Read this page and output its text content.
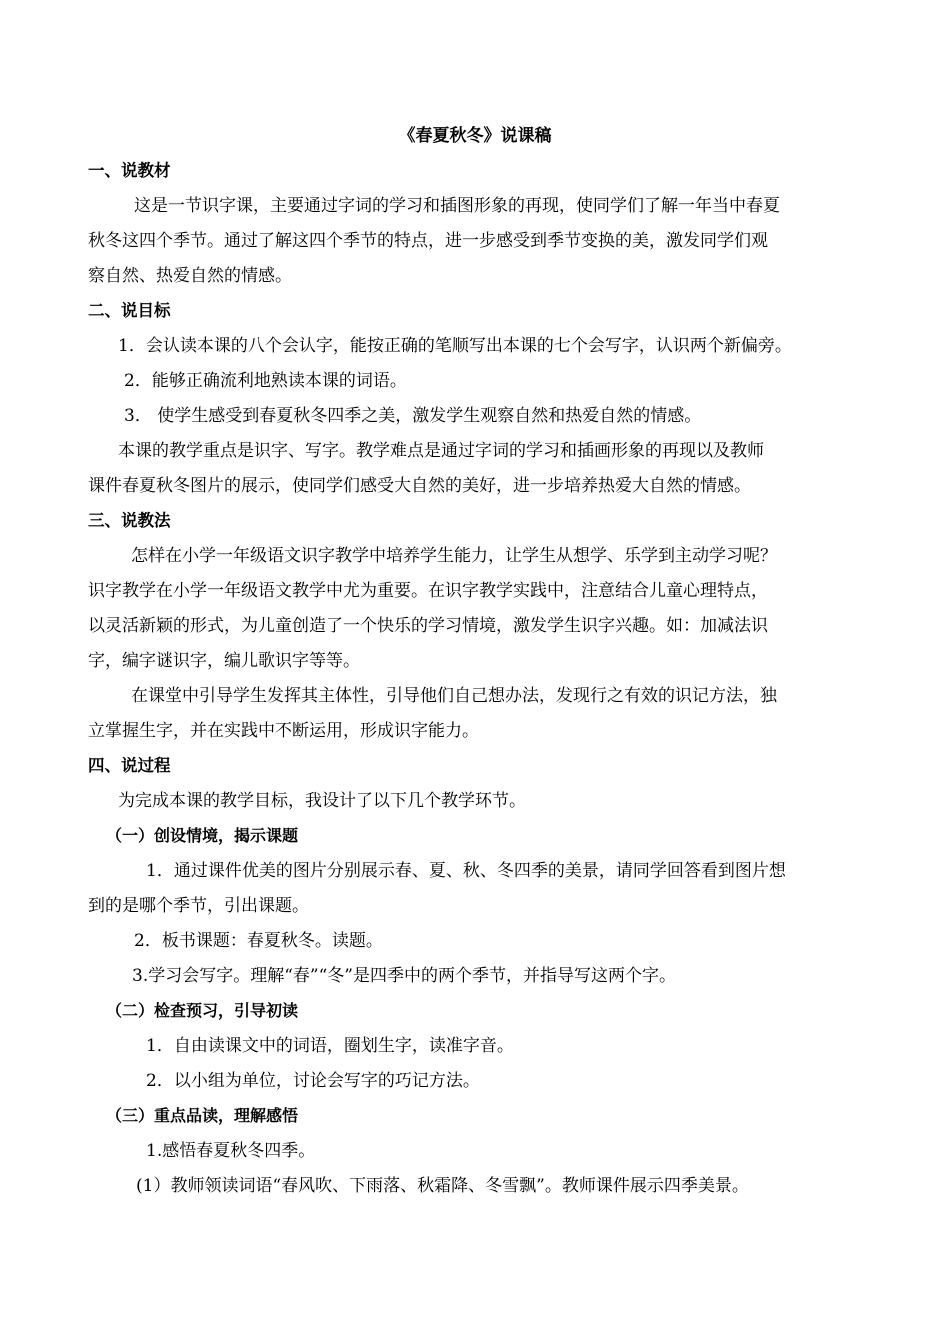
《春夏秋冬》说课稿
一、说教材
这是一节识字课，主要通过字词的学习和插图形象的再现，使同学们了解一年当中春夏
秋冬这四个季节。通过了解这四个季节的特点，进一步感受到季节变换的美，激发同学们观
察自然、热爱自然的情感。
二、说目标
1．会认读本课的八个会认字，能按正确的笔顺写出本课的七个会写字，认识两个新偏旁。
2．能够正确流利地熟读本课的词语。
3． 使学生感受到春夏秋冬四季之美，激发学生观察自然和热爱自然的情感。
本课的教学重点是识字、写字。教学难点是通过字词的学习和插画形象的再现以及教师
课件春夏秋冬图片的展示，使同学们感受大自然的美好，进一步培养热爱大自然的情感。
三、说教法
怎样在小学一年级语文识字教学中培养学生能力，让学生从想学、乐学到主动学习呢？
识字教学在小学一年级语文教学中尤为重要。在识字教学实践中，注意结合儿童心理特点，
以灵活新颖的形式，为儿童创造了一个快乐的学习情境，激发学生识字兴趣。如：加减法识
字，编字谜识字，编儿歌识字等等。
在课堂中引导学生发挥其主体性，引导他们自己想办法，发现行之有效的识记方法，独
立掌握生字，并在实践中不断运用，形成识字能力。
四、说过程
为完成本课的教学目标，我设计了以下几个教学环节。
（一）创设情境，揭示课题
1．通过课件优美的图片分别展示春、夏、秋、冬四季的美景，请同学回答看到图片想
到的是哪个季节，引出课题。
2．板书课题：春夏秋冬。读题。
3.学习会写字。理解“春”“冬”是四季中的两个季节，并指导写这两个字。
（二）检查预习，引导初读
1．自由读课文中的词语，圈划生字，读准字音。
2．以小组为单位，讨论会写字的巧记方法。
（三）重点品读，理解感悟
1.感悟春夏秋冬四季。
(1）教师领读词语“春风吹、下雨落、秋霜降、冬雪飘”。教师课件展示四季美景。
